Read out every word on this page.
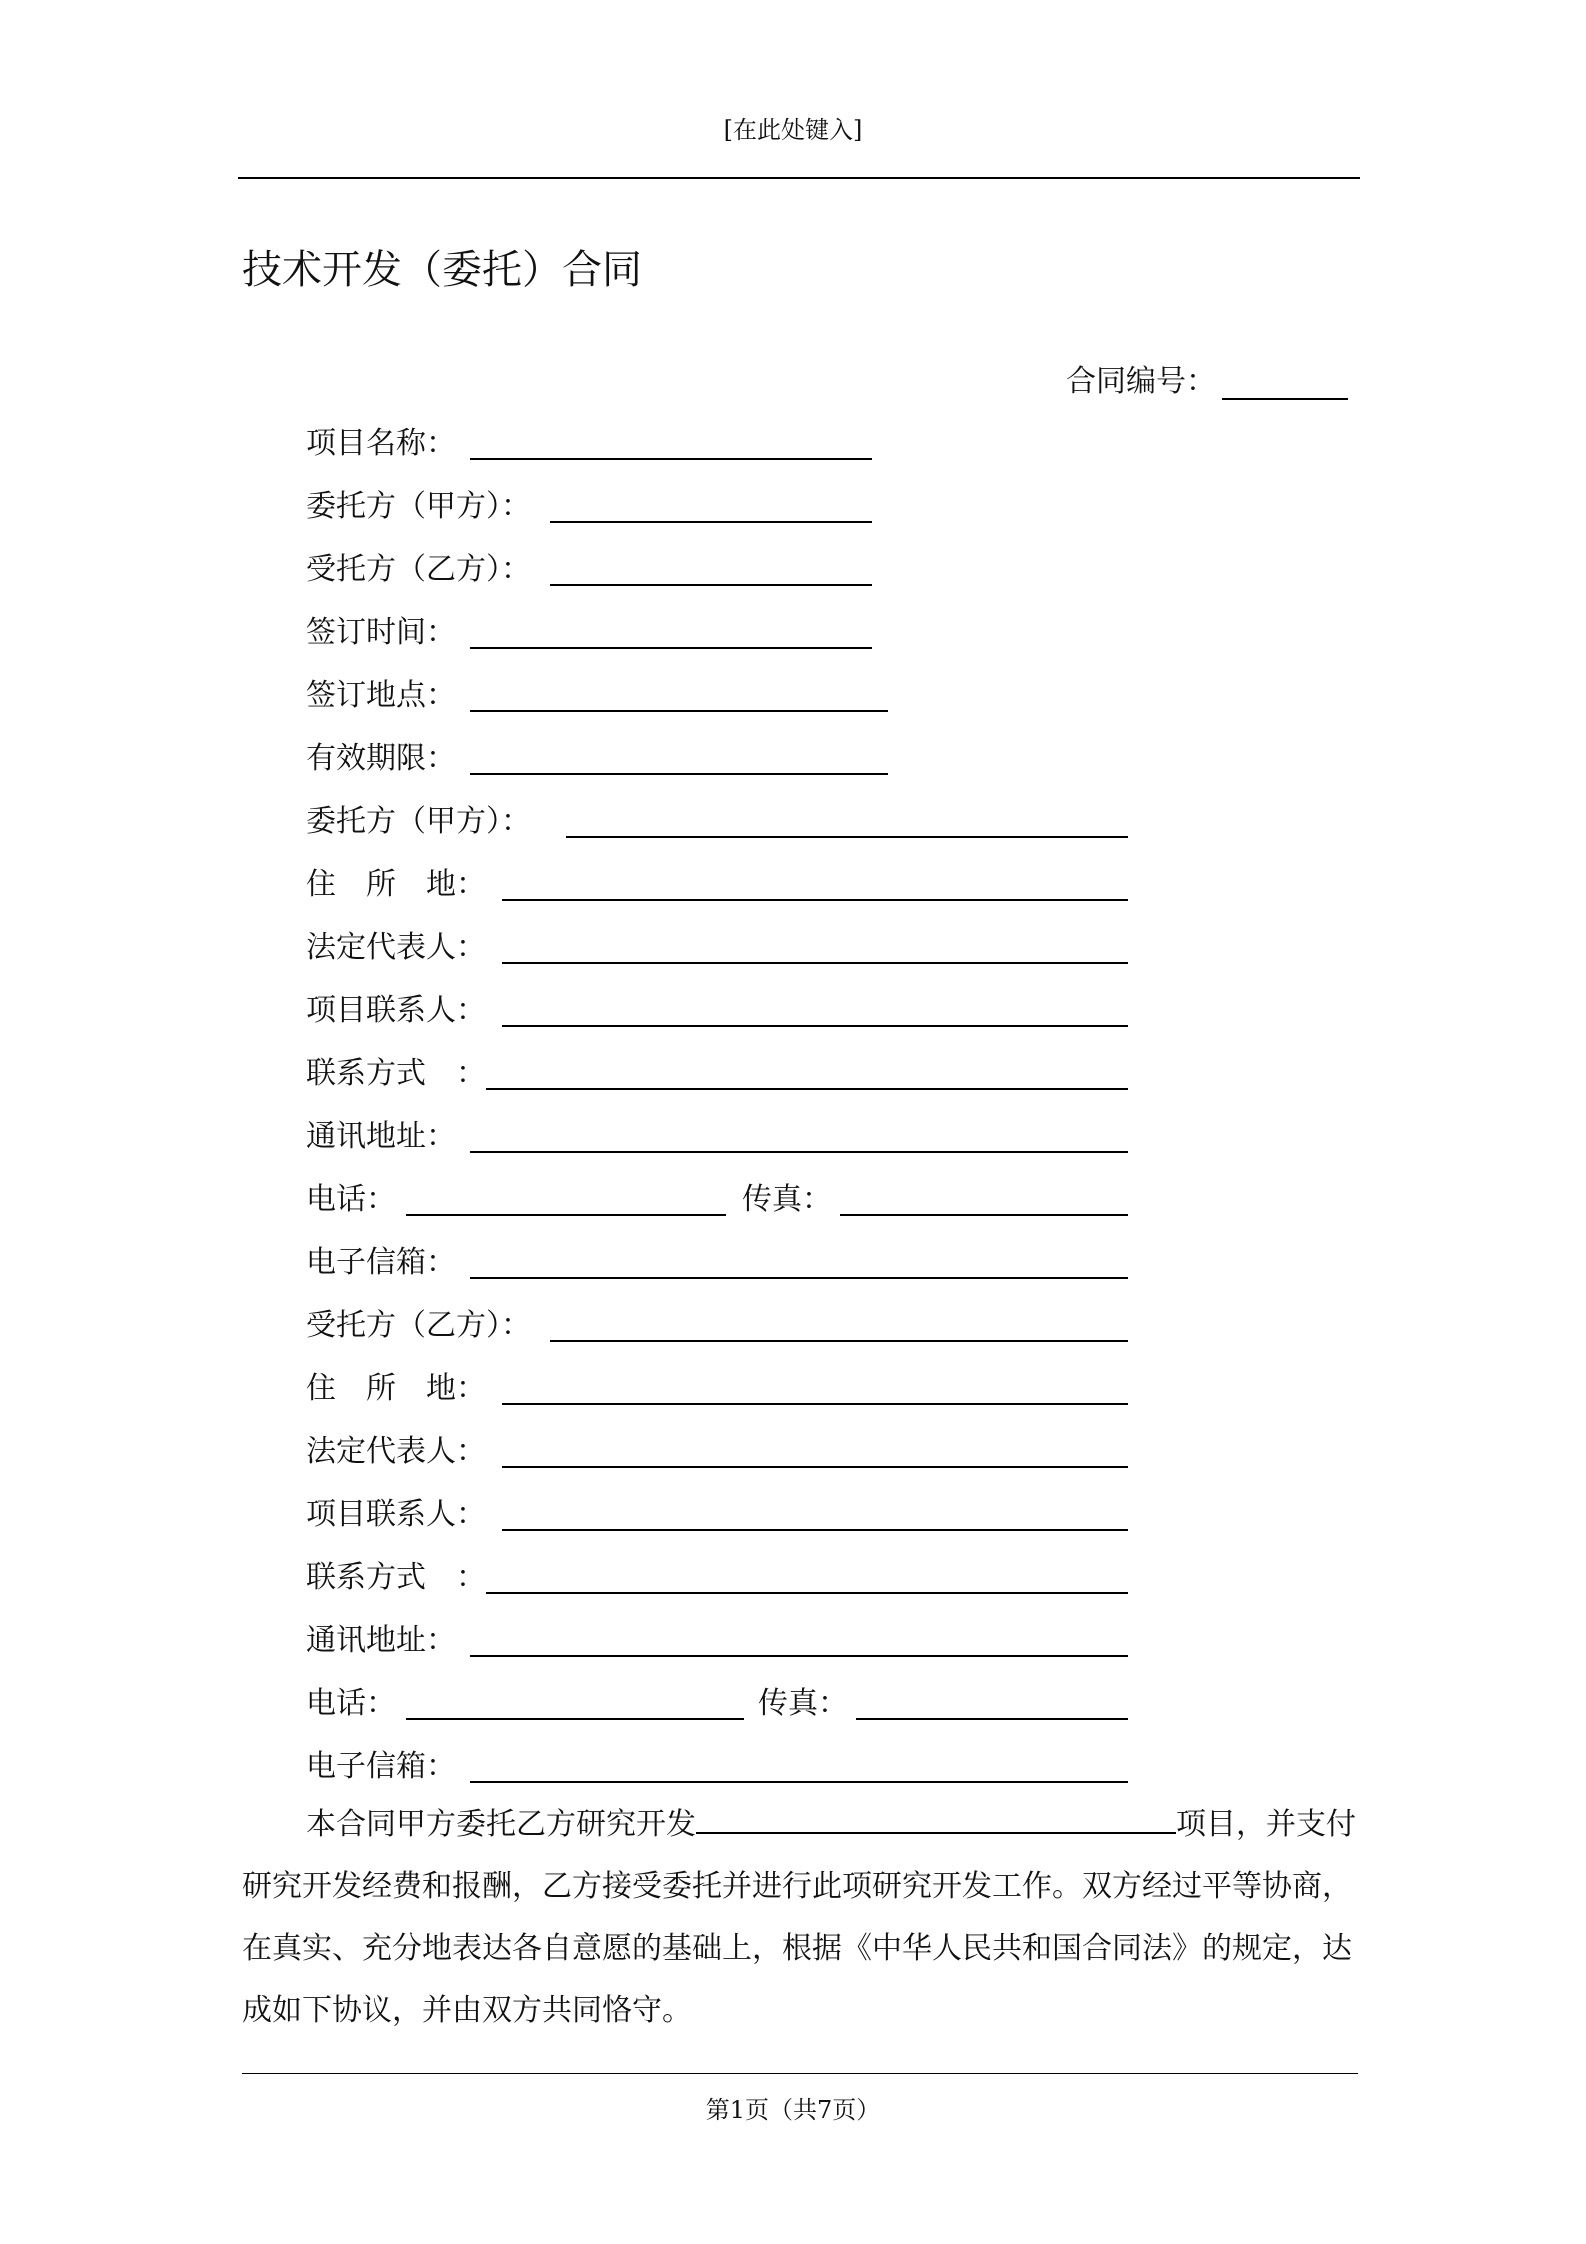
[在此处键入]
技术开发（委托）合同
合同编号：
项目名称：
委托方（甲方）：
受托方（乙方）：
签订时间：
签订地点：
有效期限：
委托方（甲方）：
住　所　地：
法定代表人：
项目联系人：
联系方式　：
通讯地址：
电话：	传真：
电子信箱：
受托方（乙方）：
住　所　地：
法定代表人：
项目联系人：
联系方式　：
通讯地址：
电话：	传真：
电子信箱：
本合同甲方委托乙方研究开发	项目，并支付研究开发经费和报酬，乙方接受委托并进行此项研究开发工作。双方经过平等协商，在真实、充分地表达各自意愿的基础上，根据《中华人民共和国合同法》的规定，达成如下协议，并由双方共同恪守。
第1页（共7页）
